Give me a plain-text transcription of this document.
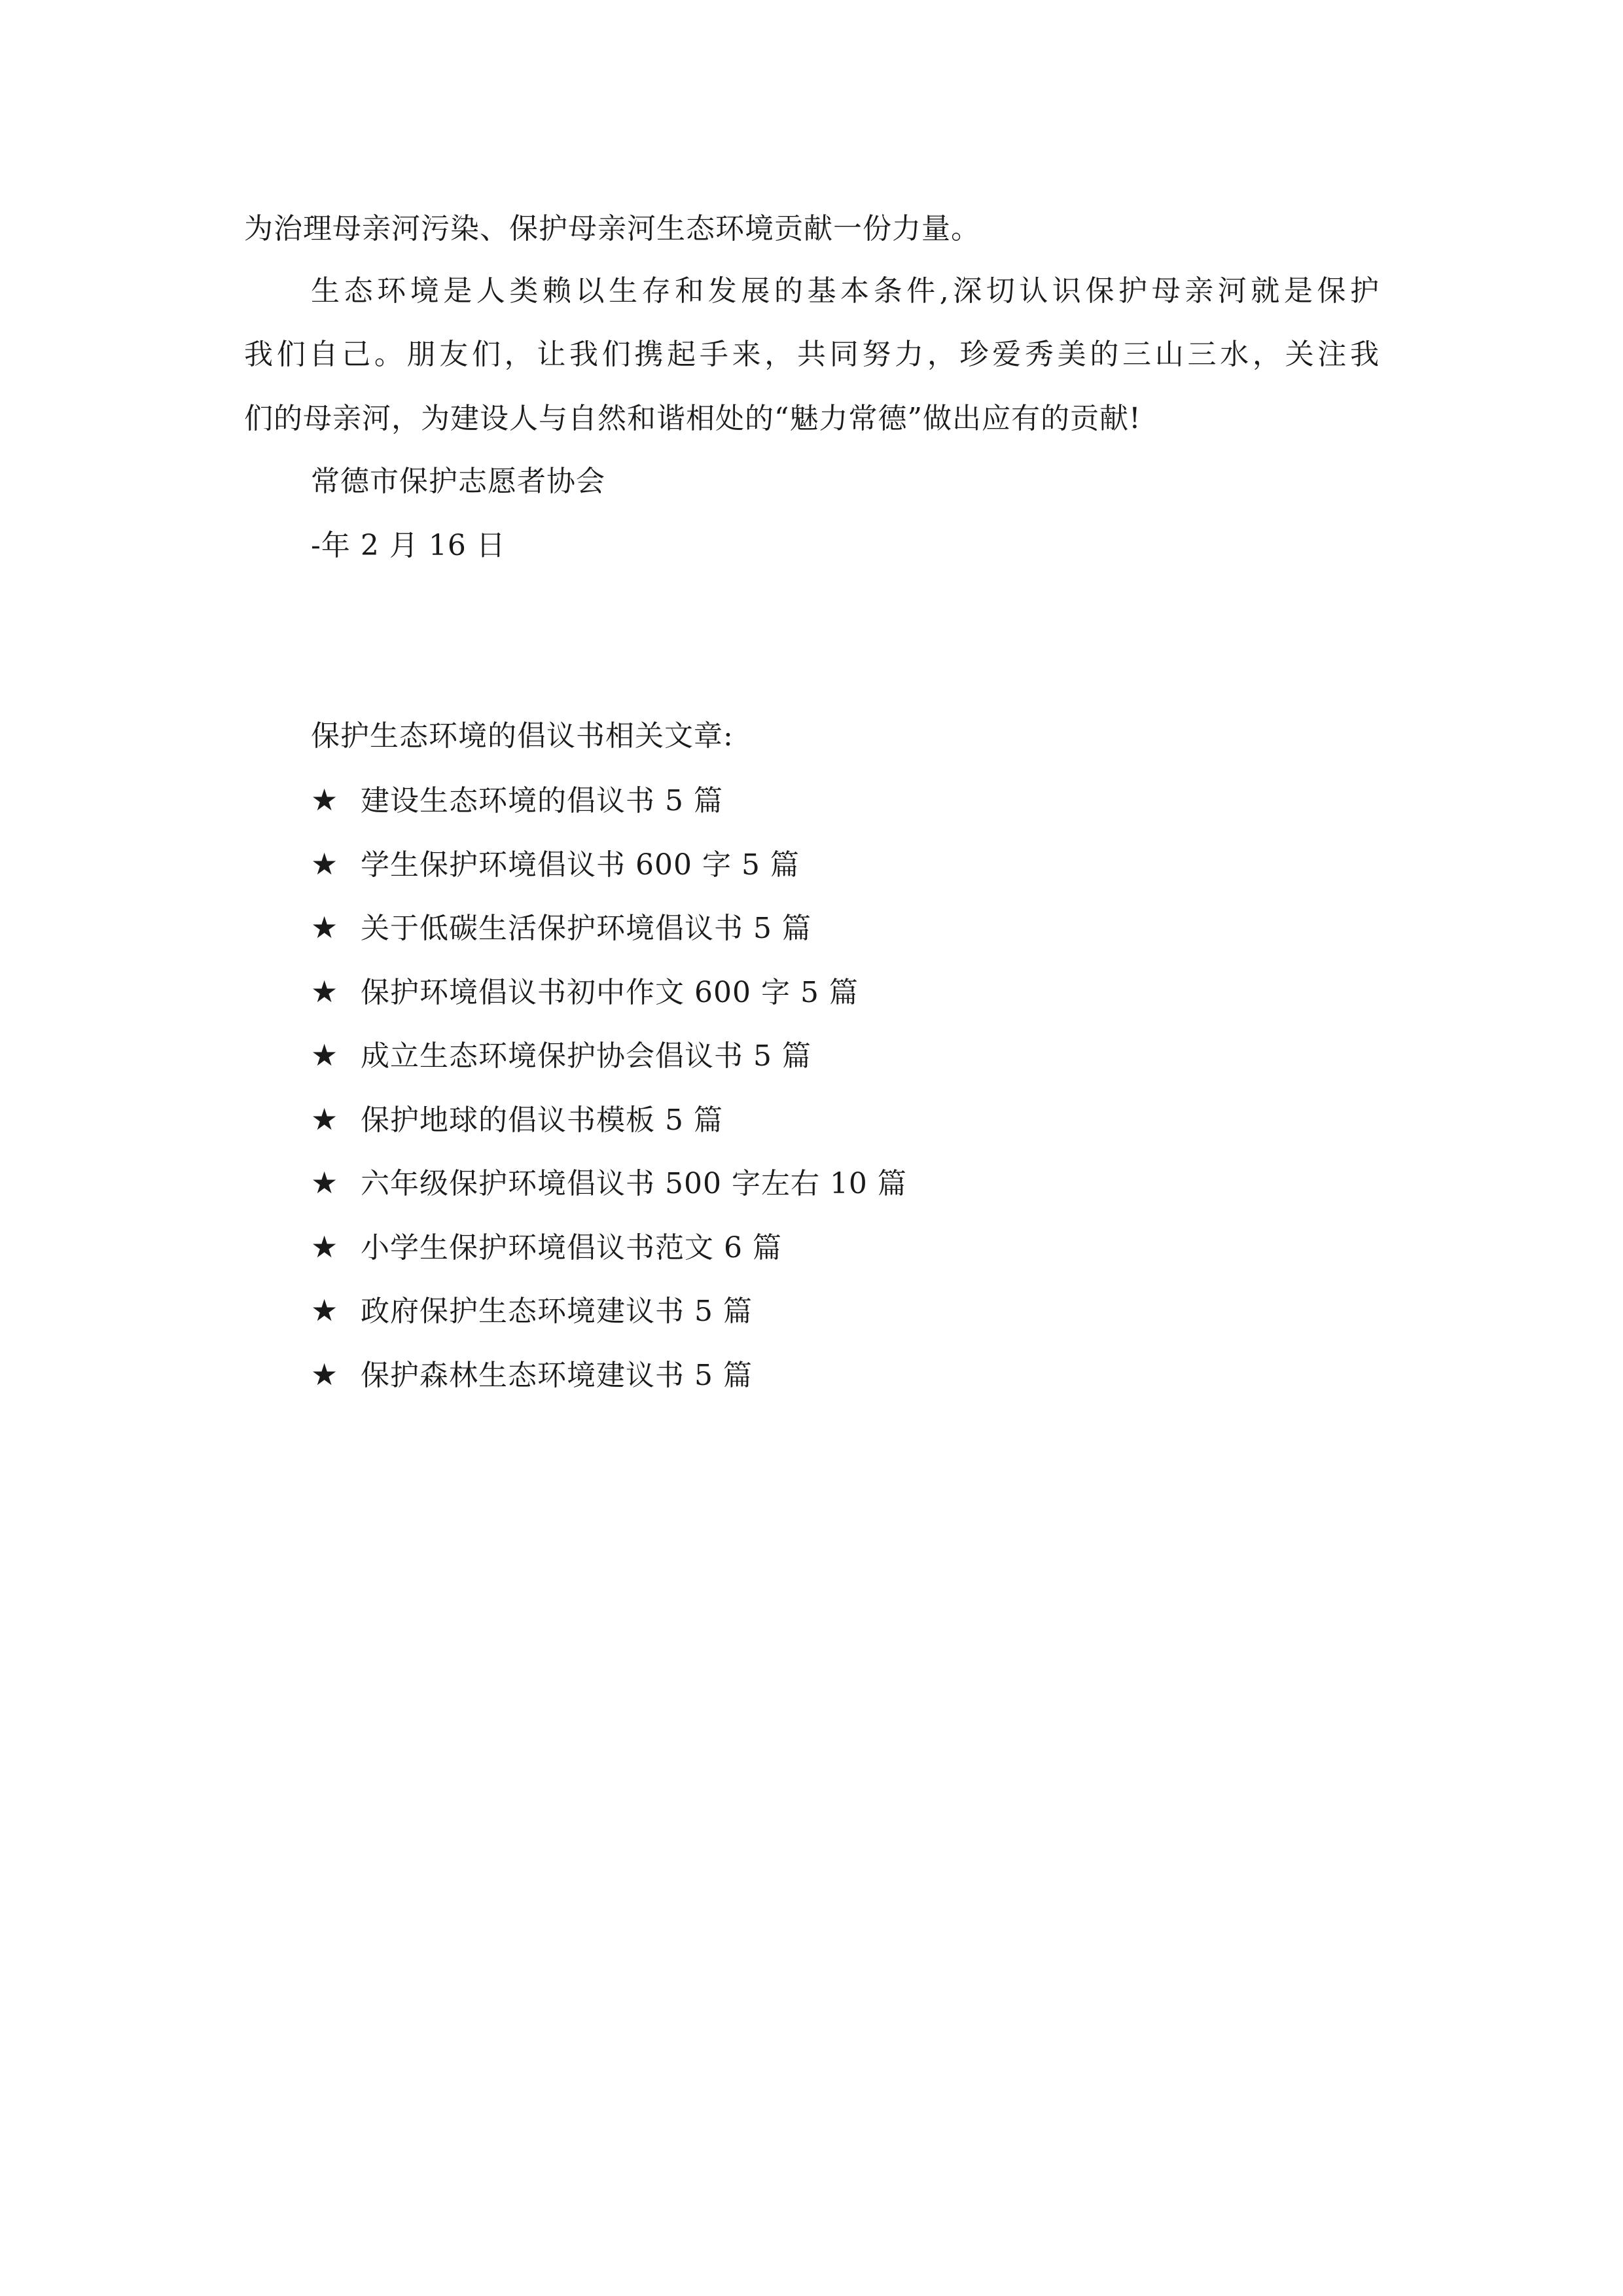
为治理母亲河污染、保护母亲河生态环境贡献一份力量。
生态环境是人类赖以生存和发展的基本条件,深切认识保护母亲河就是保护
我们自己。朋友们，让我们携起手来，共同努力，珍爱秀美的三山三水，关注我
们的母亲河，为建设人与自然和谐相处的“魅力常德”做出应有的贡献!
常德市保护志愿者协会
-年 2 月 16 日
保护生态环境的倡议书相关文章:
★ 建设生态环境的倡议书 5 篇
★ 学生保护环境倡议书 600 字 5 篇
★ 关于低碳生活保护环境倡议书 5 篇
★ 保护环境倡议书初中作文 600 字 5 篇
★ 成立生态环境保护协会倡议书 5 篇
★ 保护地球的倡议书模板 5 篇
★ 六年级保护环境倡议书 500 字左右 10 篇
★ 小学生保护环境倡议书范文 6 篇
★ 政府保护生态环境建议书 5 篇
★ 保护森林生态环境建议书 5 篇
